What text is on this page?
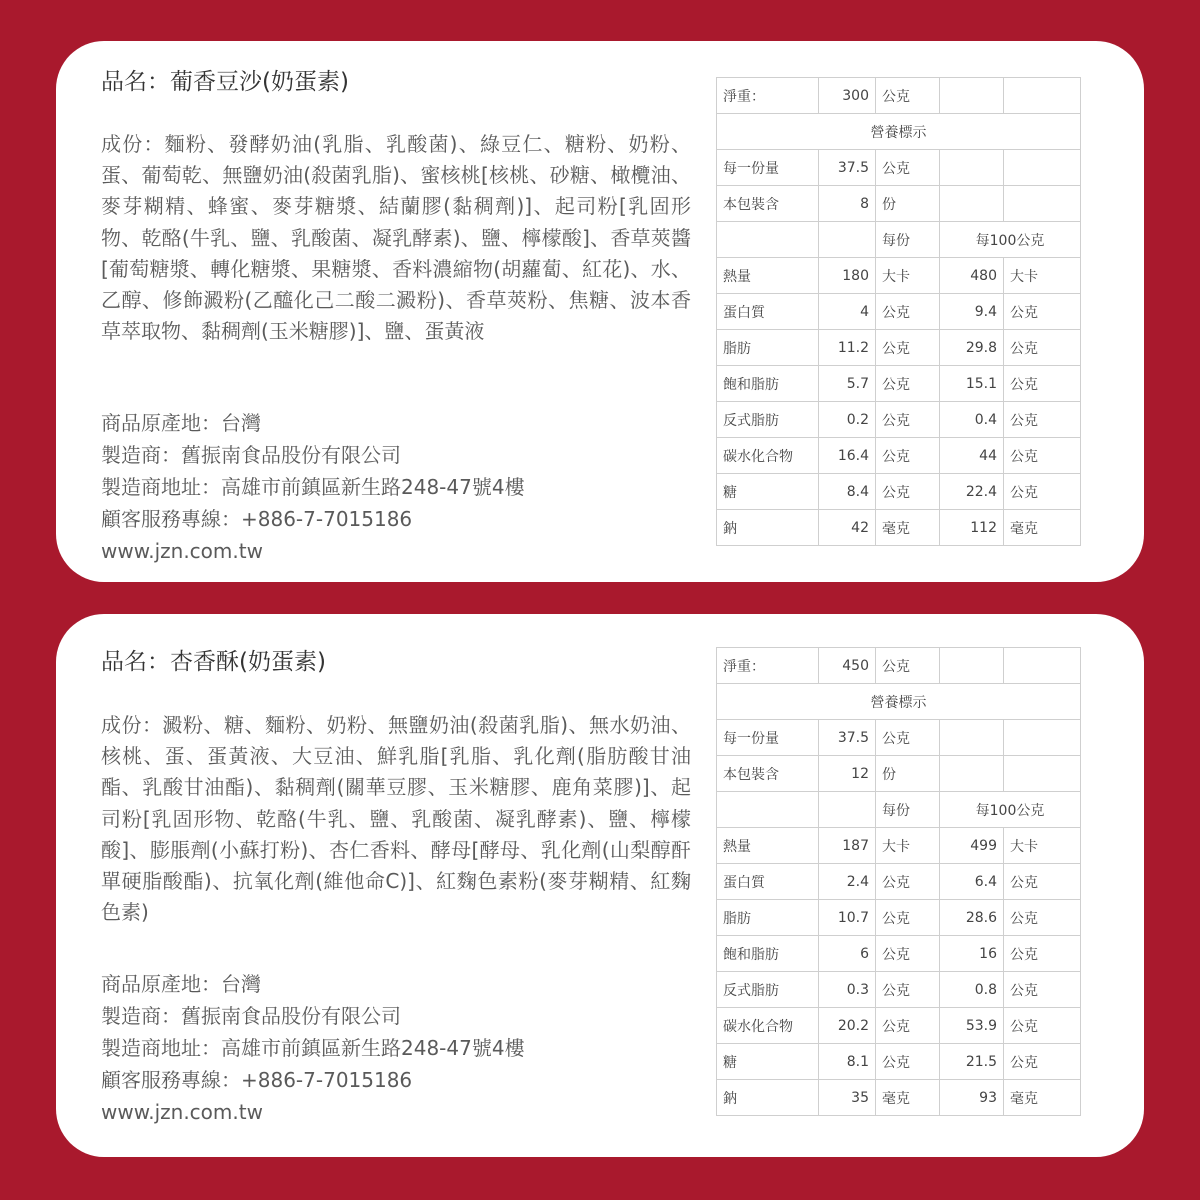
品名：葡香豆沙(奶蛋素)

成份：麵粉、發酵奶油(乳脂、乳酸菌)、綠豆仁、糖粉、奶粉、蛋、葡萄乾、無鹽奶油(殺菌乳脂)、蜜核桃[核桃、砂糖、橄欖油、麥芽糊精、蜂蜜、麥芽糖漿、結蘭膠(黏稠劑)]、起司粉[乳固形物、乾酪(牛乳、鹽、乳酸菌、凝乳酵素)、鹽、檸檬酸]、香草莢醬[葡萄糖漿、轉化糖漿、果糖漿、香料濃縮物(胡蘿蔔、紅花)、水、乙醇、修飾澱粉(乙醯化己二酸二澱粉)、香草莢粉、焦糖、波本香草萃取物、黏稠劑(玉米糖膠)]、鹽、蛋黃液

商品原產地：台灣
製造商：舊振南食品股份有限公司
製造商地址：高雄市前鎮區新生路248-47號4樓
顧客服務專線：+886-7-7015186
www.jzn.com.tw
淨重：	300	公克		
營養標示				
每一份量	37.5	公克		
本包裝含	8	份		
		每份	每100公克	
熱量	180	大卡	480	大卡
蛋白質	4	公克	9.4	公克
脂肪	11.2	公克	29.8	公克
飽和脂肪	5.7	公克	15.1	公克
反式脂肪	0.2	公克	0.4	公克
碳水化合物	16.4	公克	44	公克
糖	8.4	公克	22.4	公克
鈉	42	毫克	112	毫克

品名：杏香酥(奶蛋素)

成份：澱粉、糖、麵粉、奶粉、無鹽奶油(殺菌乳脂)、無水奶油、核桃、蛋、蛋黃液、大豆油、鮮乳脂[乳脂、乳化劑(脂肪酸甘油酯、乳酸甘油酯)、黏稠劑(關華豆膠、玉米糖膠、鹿角菜膠)]、起司粉[乳固形物、乾酪(牛乳、鹽、乳酸菌、凝乳酵素)、鹽、檸檬酸]、膨脹劑(小蘇打粉)、杏仁香料、酵母[酵母、乳化劑(山梨醇酐單硬脂酸酯)、抗氧化劑(維他命C)]、紅麴色素粉(麥芽糊精、紅麴色素)

商品原產地：台灣
製造商：舊振南食品股份有限公司
製造商地址：高雄市前鎮區新生路248-47號4樓
顧客服務專線：+886-7-7015186
www.jzn.com.tw
淨重：	450	公克		
營養標示				
每一份量	37.5	公克		
本包裝含	12	份		
		每份	每100公克	
熱量	187	大卡	499	大卡
蛋白質	2.4	公克	6.4	公克
脂肪	10.7	公克	28.6	公克
飽和脂肪	6	公克	16	公克
反式脂肪	0.3	公克	0.8	公克
碳水化合物	20.2	公克	53.9	公克
糖	8.1	公克	21.5	公克
鈉	35	毫克	93	毫克
